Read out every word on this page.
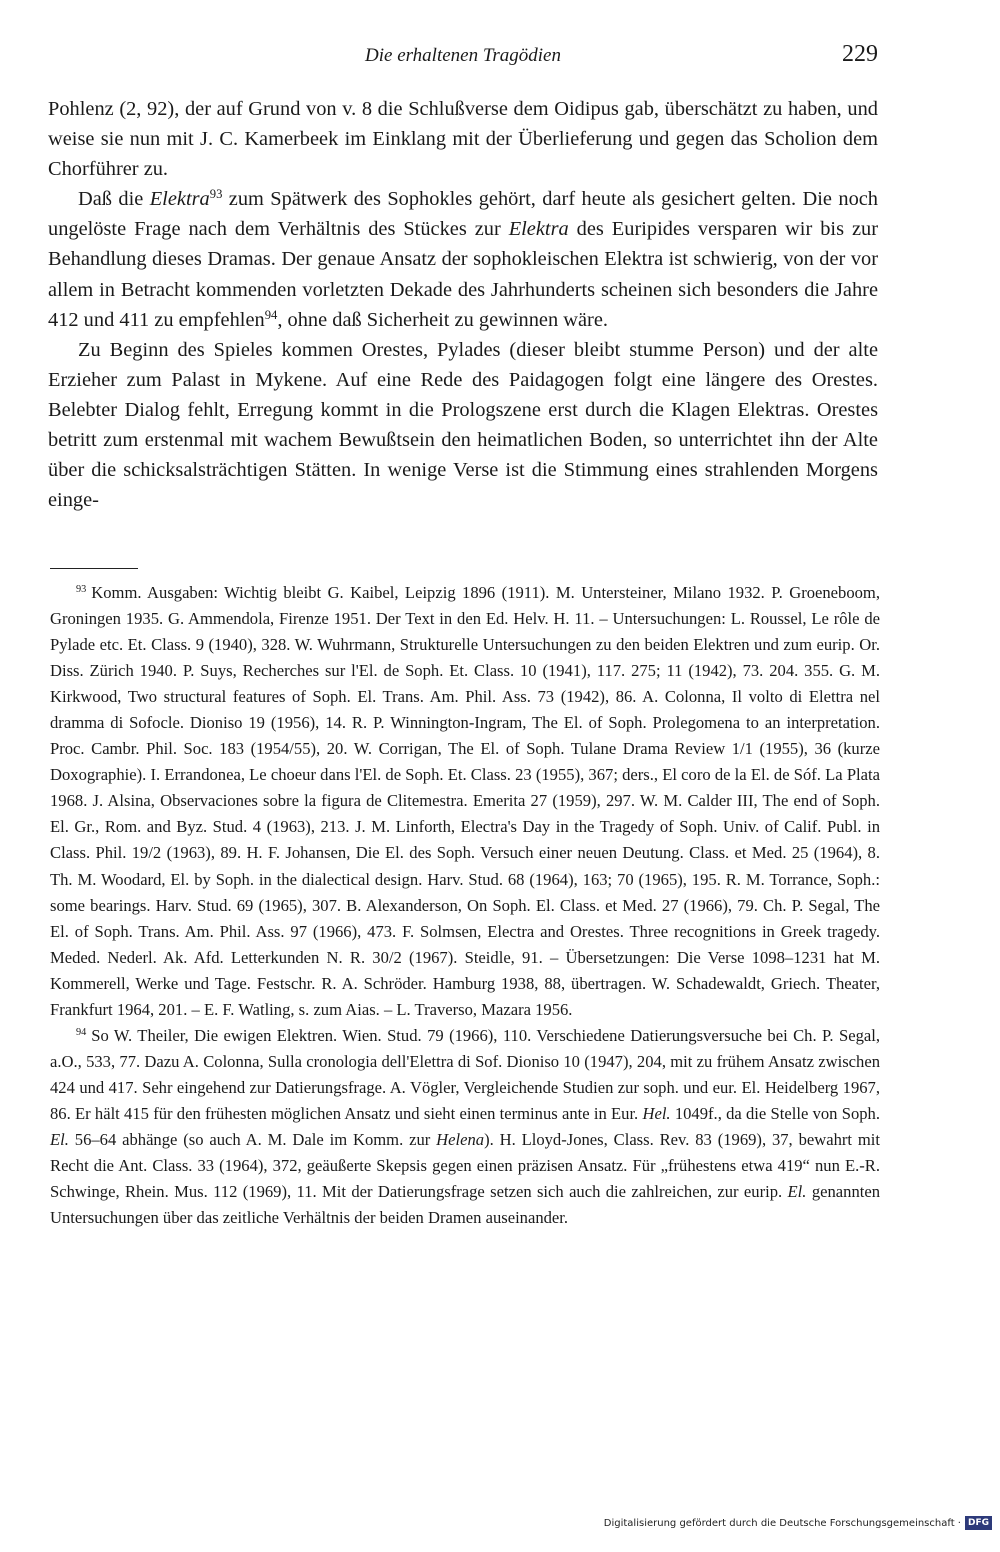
Die erhaltenen Tragödien	229

Pohlenz (2, 92), der auf Grund von v. 8 die Schlußverse dem Oidipus gab, überschätzt zu haben, und weise sie nun mit J. C. Kamerbeek im Einklang mit der Überlieferung und gegen das Scholion dem Chorführer zu.

Daß die Elektra$^{93}$ zum Spätwerk des Sophokles gehört, darf heute als gesichert gelten. Die noch ungelöste Frage nach dem Verhältnis des Stückes zur Elektra des Euripides versparen wir bis zur Behandlung dieses Dramas. Der genaue Ansatz der sophokleischen Elektra ist schwierig, von der vor allem in Betracht kommenden vorletzten Dekade des Jahrhunderts scheinen sich besonders die Jahre 412 und 411 zu empfehlen$^{94}$, ohne daß Sicherheit zu gewinnen wäre.

Zu Beginn des Spieles kommen Orestes, Pylades (dieser bleibt stumme Person) und der alte Erzieher zum Palast in Mykene. Auf eine Rede des Paidagogen folgt eine längere des Orestes. Belebter Dialog fehlt, Erregung kommt in die Prologszene erst durch die Klagen Elektras. Orestes betritt zum erstenmal mit wachem Bewußtsein den heimatlichen Boden, so unterrichtet ihn der Alte über die schicksalsträchtigen Stätten. In wenige Verse ist die Stimmung eines strahlenden Morgens einge-

$^{93}$ Komm. Ausgaben: Wichtig bleibt G. Kaibel, Leipzig 1896 (1911). M. Untersteiner, Milano 1932. P. Groeneboom, Groningen 1935. G. Ammendola, Firenze 1951. Der Text in den Ed. Helv. H. 11. – Untersuchungen: L. Roussel, Le rôle de Pylade etc. Et. Class. 9 (1940), 328. W. Wuhrmann, Strukturelle Untersuchungen zu den beiden Elektren und zum eurip. Or. Diss. Zürich 1940. P. Suys, Recherches sur l'El. de Soph. Et. Class. 10 (1941), 117. 275; 11 (1942), 73. 204. 355. G. M. Kirkwood, Two structural features of Soph. El. Trans. Am. Phil. Ass. 73 (1942), 86. A. Colonna, Il volto di Elettra nel dramma di Sofocle. Dioniso 19 (1956), 14. R. P. Winnington-Ingram, The El. of Soph. Prolegomena to an interpretation. Proc. Cambr. Phil. Soc. 183 (1954/55), 20. W. Corrigan, The El. of Soph. Tulane Drama Review 1/1 (1955), 36 (kurze Doxographie). I. Errandonea, Le choeur dans l'El. de Soph. Et. Class. 23 (1955), 367; ders., El coro de la El. de Sóf. La Plata 1968. J. Alsina, Observaciones sobre la figura de Clitemestra. Emerita 27 (1959), 297. W. M. Calder III, The end of Soph. El. Gr., Rom. and Byz. Stud. 4 (1963), 213. J. M. Linforth, Electra's Day in the Tragedy of Soph. Univ. of Calif. Publ. in Class. Phil. 19/2 (1963), 89. H. F. Johansen, Die El. des Soph. Versuch einer neuen Deutung. Class. et Med. 25 (1964), 8. Th. M. Woodard, El. by Soph. in the dialectical design. Harv. Stud. 68 (1964), 163; 70 (1965), 195. R. M. Torrance, Soph.: some bearings. Harv. Stud. 69 (1965), 307. B. Alexanderson, On Soph. El. Class. et Med. 27 (1966), 79. Ch. P. Segal, The El. of Soph. Trans. Am. Phil. Ass. 97 (1966), 473. F. Solmsen, Electra and Orestes. Three recognitions in Greek tragedy. Meded. Nederl. Ak. Afd. Letterkunden N. R. 30/2 (1967). Steidle, 91. – Übersetzungen: Die Verse 1098–1231 hat M. Kommerell, Werke und Tage. Festschr. R. A. Schröder. Hamburg 1938, 88, übertragen. W. Schadewaldt, Griech. Theater, Frankfurt 1964, 201. – E. F. Watling, s. zum Aias. – L. Traverso, Mazara 1956.

$^{94}$ So W. Theiler, Die ewigen Elektren. Wien. Stud. 79 (1966), 110. Verschiedene Datierungsversuche bei Ch. P. Segal, a.O., 533, 77. Dazu A. Colonna, Sulla cronologia dell'Elettra di Sof. Dioniso 10 (1947), 204, mit zu frühem Ansatz zwischen 424 und 417. Sehr eingehend zur Datierungsfrage. A. Vögler, Vergleichende Studien zur soph. und eur. El. Heidelberg 1967, 86. Er hält 415 für den frühesten möglichen Ansatz und sieht einen terminus ante in Eur. Hel. 1049f., da die Stelle von Soph. El. 56–64 abhänge (so auch A. M. Dale im Komm. zur Helena). H. Lloyd-Jones, Class. Rev. 83 (1969), 37, bewahrt mit Recht die Ant. Class. 33 (1964), 372, geäußerte Skepsis gegen einen präzisen Ansatz. Für „frühestens etwa 419“ nun E.-R. Schwinge, Rhein. Mus. 112 (1969), 11. Mit der Datierungsfrage setzen sich auch die zahlreichen, zur eurip. El. genannten Untersuchungen über das zeitliche Verhältnis der beiden Dramen auseinander.

Digitalisierung gefördert durch die Deutsche Forschungsgemeinschaft · DFG
